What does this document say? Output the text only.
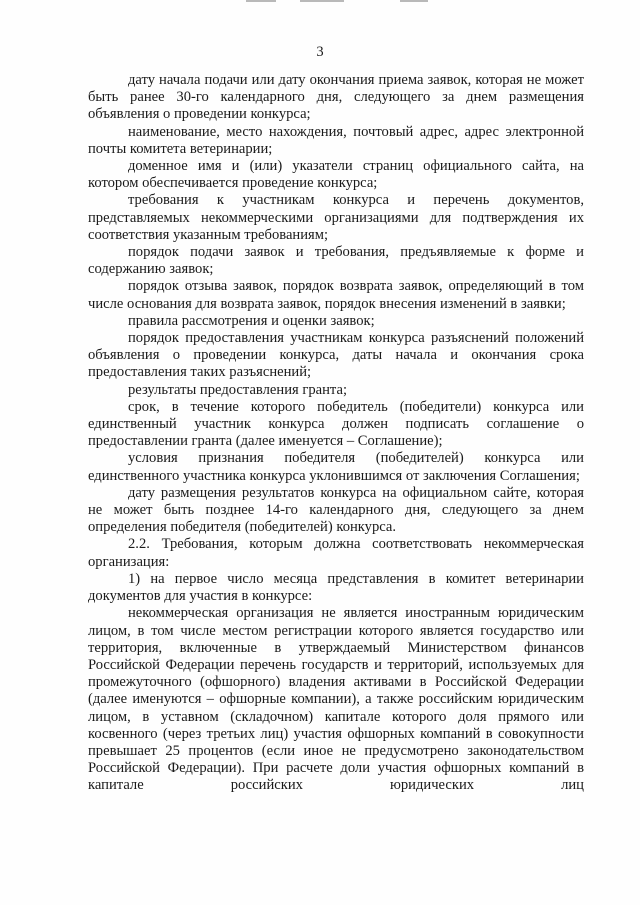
3

дату начала подачи или дату окончания приема заявок, которая не может быть ранее 30-го календарного дня, следующего за днем размещения объявления о проведении конкурса;

наименование, место нахождения, почтовый адрес, адрес электронной почты комитета ветеринарии;

доменное имя и (или) указатели страниц официального сайта, на котором обеспечивается проведение конкурса;

требования к участникам конкурса и перечень документов, представляемых некоммерческими организациями для подтверждения их соответствия указанным требованиям;

порядок подачи заявок и требования, предъявляемые к форме и содержанию заявок;

порядок отзыва заявок, порядок возврата заявок, определяющий в том числе основания для возврата заявок, порядок внесения изменений в заявки;

правила рассмотрения и оценки заявок;

порядок предоставления участникам конкурса разъяснений положений объявления о проведении конкурса, даты начала и окончания срока предоставления таких разъяснений;

результаты предоставления гранта;

срок, в течение которого победитель (победители) конкурса или единственный участник конкурса должен подписать соглашение о предоставлении гранта (далее именуется – Соглашение);

условия признания победителя (победителей) конкурса или единственного участника конкурса уклонившимся от заключения Соглашения;

дату размещения результатов конкурса на официальном сайте, которая не может быть позднее 14-го календарного дня, следующего за днем определения победителя (победителей) конкурса.

2.2. Требования, которым должна соответствовать некоммерческая организация:

1) на первое число месяца представления в комитет ветеринарии документов для участия в конкурсе:

некоммерческая организация не является иностранным юридическим лицом, в том числе местом регистрации которого является государство или территория, включенные в утверждаемый Министерством финансов Российской Федерации перечень государств и территорий, используемых для промежуточного (офшорного) владения активами в Российской Федерации (далее именуются – офшорные компании), а также российским юридическим лицом, в уставном (складочном) капитале которого доля прямого или косвенного (через третьих лиц) участия офшорных компаний в совокупности превышает 25 процентов (если иное не предусмотрено законодательством Российской Федерации). При расчете доли участия офшорных компаний в капитале российских юридических лиц
